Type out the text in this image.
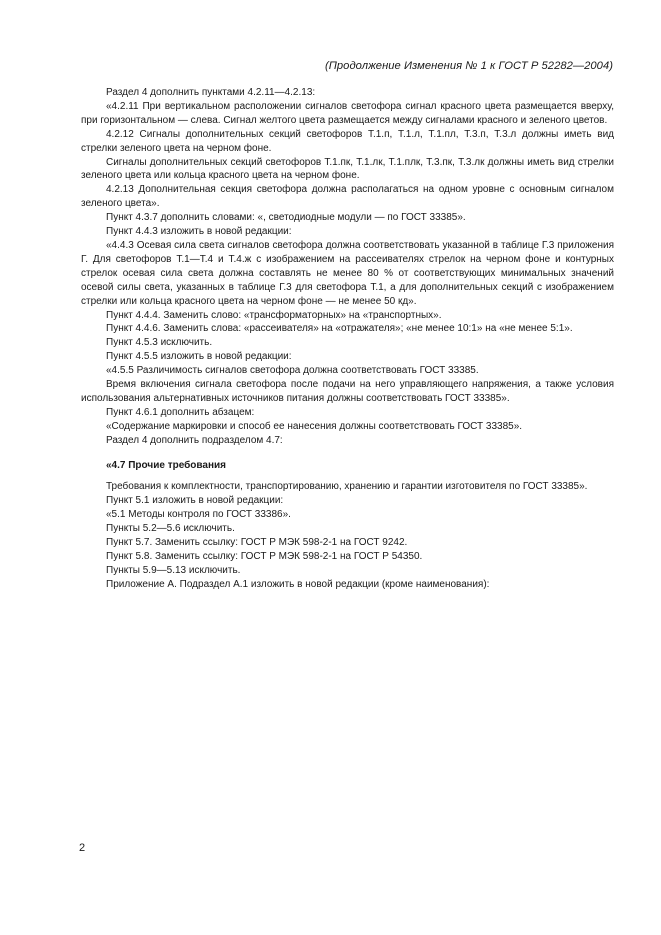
(Продолжение Изменения № 1 к ГОСТ Р 52282—2004)

Раздел 4 дополнить пунктами 4.2.11—4.2.13:

«4.2.11 При вертикальном расположении сигналов светофора сигнал красного цвета размещается вверху, при горизонтальном — слева. Сигнал желтого цвета размещается между сигналами красного и зеленого цветов.

4.2.12 Сигналы дополнительных секций светофоров Т.1.п, Т.1.л, Т.1.пл, Т.3.п, Т.3.л должны иметь вид стрелки зеленого цвета на черном фоне.

Сигналы дополнительных секций светофоров Т.1.пк, Т.1.лк, Т.1.плк, Т.3.пк, Т.3.лк должны иметь вид стрелки зеленого цвета или кольца красного цвета на черном фоне.

4.2.13 Дополнительная секция светофора должна располагаться на одном уровне с основным сигналом зеленого цвета».

Пункт 4.3.7 дополнить словами: «, светодиодные модули — по ГОСТ 33385».

Пункт 4.4.3 изложить в новой редакции:

«4.4.3 Осевая сила света сигналов светофора должна соответствовать указанной в таблице Г.3 приложения Г. Для светофоров Т.1—Т.4 и Т.4.ж с изображением на рассеивателях стрелок на черном фоне и контурных стрелок осевая сила света должна составлять не менее 80 % от соответствующих минимальных значений осевой силы света, указанных в таблице Г.3 для светофора Т.1, а для дополнительных секций с изображением стрелки или кольца красного цвета на черном фоне — не менее 50 кд».

Пункт 4.4.4. Заменить слово: «трансформаторных» на «транспортных».

Пункт 4.4.6. Заменить слова: «рассеивателя» на «отражателя»; «не менее 10:1» на «не менее 5:1».

Пункт 4.5.3 исключить.

Пункт 4.5.5 изложить в новой редакции:

«4.5.5 Различимость сигналов светофора должна соответствовать ГОСТ 33385.

Время включения сигнала светофора после подачи на него управляющего напряжения, а также условия использования альтернативных источников питания должны соответствовать ГОСТ 33385».

Пункт 4.6.1 дополнить абзацем:

«Содержание маркировки и способ ее нанесения должны соответствовать ГОСТ 33385».

Раздел 4 дополнить подразделом 4.7:

«4.7 Прочие требования

Требования к комплектности, транспортированию, хранению и гарантии изготовителя по ГОСТ 33385».

Пункт 5.1 изложить в новой редакции:

«5.1 Методы контроля по ГОСТ 33386».

Пункты 5.2—5.6 исключить.

Пункт 5.7. Заменить ссылку: ГОСТ Р МЭК 598-2-1 на ГОСТ 9242.

Пункт 5.8. Заменить ссылку: ГОСТ Р МЭК 598-2-1 на ГОСТ Р 54350.

Пункты 5.9—5.13 исключить.

Приложение А. Подраздел А.1 изложить в новой редакции (кроме наименования):

2
